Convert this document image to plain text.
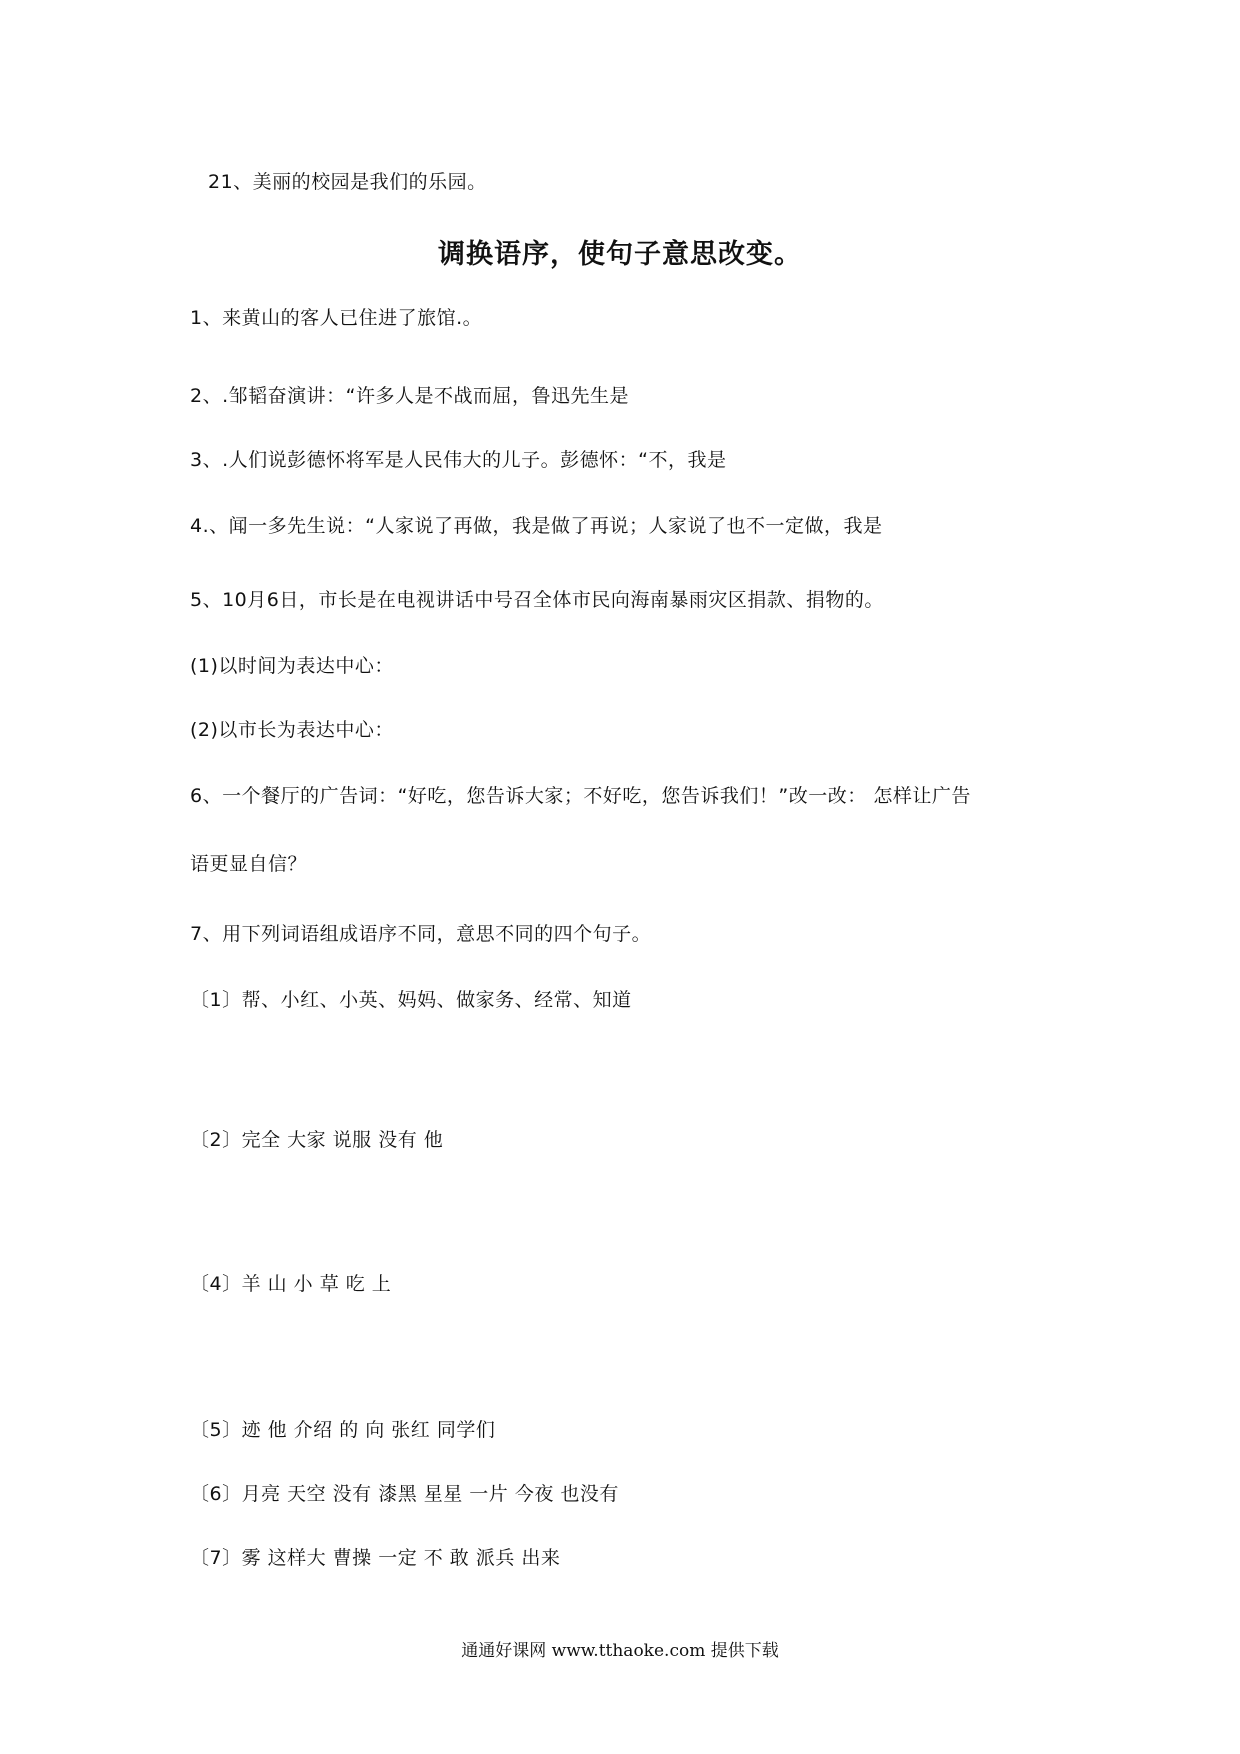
21、美丽的校园是我们的乐园。
调换语序，使句子意思改变。
1、来黄山的客人已住进了旅馆.。
2、.邹韬奋演讲：“许多人是不战而屈，鲁迅先生是
3、.人们说彭德怀将军是人民伟大的儿子。彭德怀：“不，我是
4.、闻一多先生说：“人家说了再做，我是做了再说；人家说了也不一定做，我是
5、10月6日，市长是在电视讲话中号召全体市民向海南暴雨灾区捐款、捐物的。
(1)以时间为表达中心：
(2)以市长为表达中心：
6、一个餐厅的广告词：“好吃，您告诉大家；不好吃，您告诉我们！”改一改： 怎样让广告
语更显自信？
7、用下列词语组成语序不同，意思不同的四个句子。
〔1〕帮、小红、小英、妈妈、做家务、经常、知道
〔2〕完全 大家 说服 没有 他
〔4〕羊 山 小 草 吃 上
〔5〕迹 他 介绍 的 向 张红 同学们
〔6〕月亮 天空 没有 漆黑 星星 一片 今夜 也没有
〔7〕雾 这样大 曹操 一定 不 敢 派兵 出来
通通好课网 www.tthaoke.com 提供下载
